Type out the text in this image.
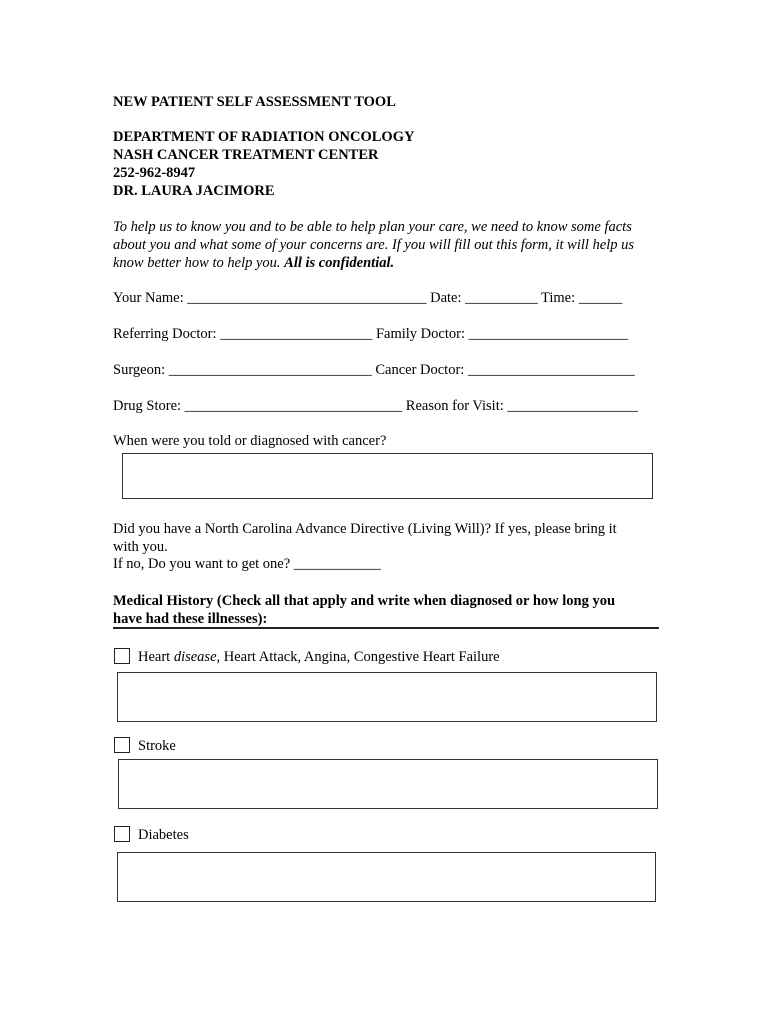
NEW PATIENT SELF ASSESSMENT TOOL
DEPARTMENT OF RADIATION ONCOLOGY
NASH CANCER TREATMENT CENTER
252-962-8947
DR. LAURA JACIMORE
To help us to know you and to be able to help plan your care, we need to know some facts
about you and what some of your concerns are. If you will fill out this form, it will help us
know better how to help you. All is confidential.
Your Name: _________________________________ Date: __________ Time: ______
Referring Doctor: _____________________ Family Doctor: ______________________
Surgeon: ____________________________ Cancer Doctor: _______________________
Drug Store: ______________________________ Reason for Visit: __________________
When were you told or diagnosed with cancer?
Did you have a North Carolina Advance Directive (Living Will)? If yes, please bring it
with you.
If no, Do you want to get one? ____________
Medical History (Check all that apply and write when diagnosed or how long you
have had these illnesses):
Heart disease, Heart Attack, Angina, Congestive Heart Failure
Stroke
Diabetes
